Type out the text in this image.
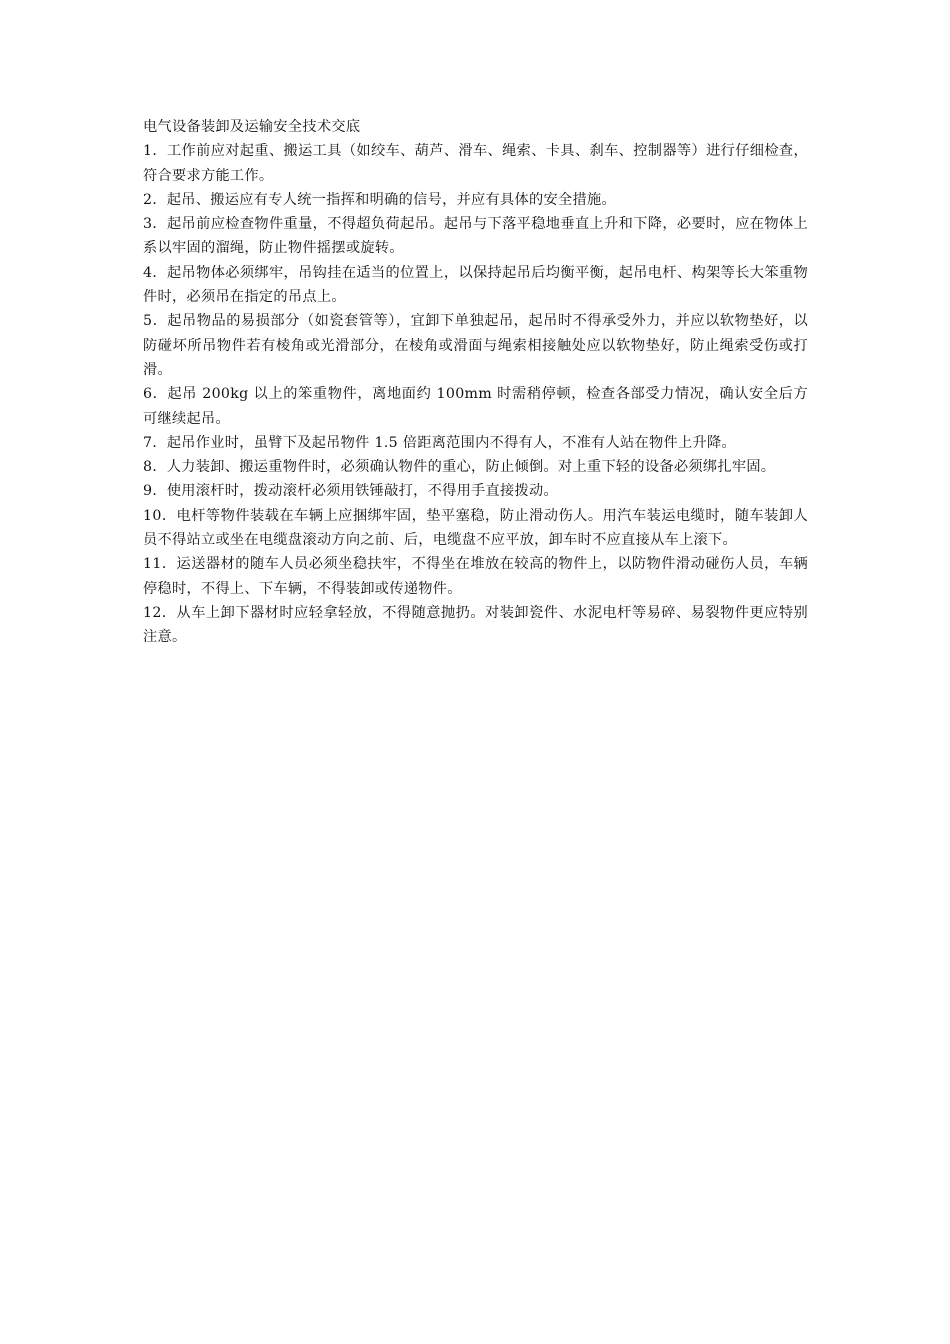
电气设备装卸及运输安全技术交底

1．工作前应对起重、搬运工具（如绞车、葫芦、滑车、绳索、卡具、刹车、控制器等）进行仔细检查，符合要求方能工作。

2．起吊、搬运应有专人统一指挥和明确的信号，并应有具体的安全措施。

3．起吊前应检查物件重量，不得超负荷起吊。起吊与下落平稳地垂直上升和下降，必要时，应在物体上系以牢固的溜绳，防止物件摇摆或旋转。

4．起吊物体必须绑牢，吊钩挂在适当的位置上，以保持起吊后均衡平衡，起吊电杆、构架等长大笨重物件时，必须吊在指定的吊点上。

5．起吊物品的易损部分（如瓷套管等），宜卸下单独起吊，起吊时不得承受外力，并应以软物垫好，以防碰坏所吊物件若有棱角或光滑部分，在棱角或滑面与绳索相接触处应以软物垫好，防止绳索受伤或打滑。

6．起吊 200kg 以上的笨重物件，离地面约 100mm 时需稍停顿，检查各部受力情况，确认安全后方可继续起吊。

7．起吊作业时，虽臂下及起吊物件 1.5 倍距离范围内不得有人，不准有人站在物件上升降。

8．人力装卸、搬运重物件时，必须确认物件的重心，防止倾倒。对上重下轻的设备必须绑扎牢固。

9．使用滚杆时，拨动滚杆必须用铁锤敲打，不得用手直接拨动。

10．电杆等物件装载在车辆上应捆绑牢固，垫平塞稳，防止滑动伤人。用汽车装运电缆时，随车装卸人员不得站立或坐在电缆盘滚动方向之前、后，电缆盘不应平放，卸车时不应直接从车上滚下。

11．运送器材的随车人员必须坐稳扶牢，不得坐在堆放在较高的物件上，以防物件滑动碰伤人员，车辆停稳时，不得上、下车辆，不得装卸或传递物件。

12．从车上卸下器材时应轻拿轻放，不得随意抛扔。对装卸瓷件、水泥电杆等易碎、易裂物件更应特别注意。
